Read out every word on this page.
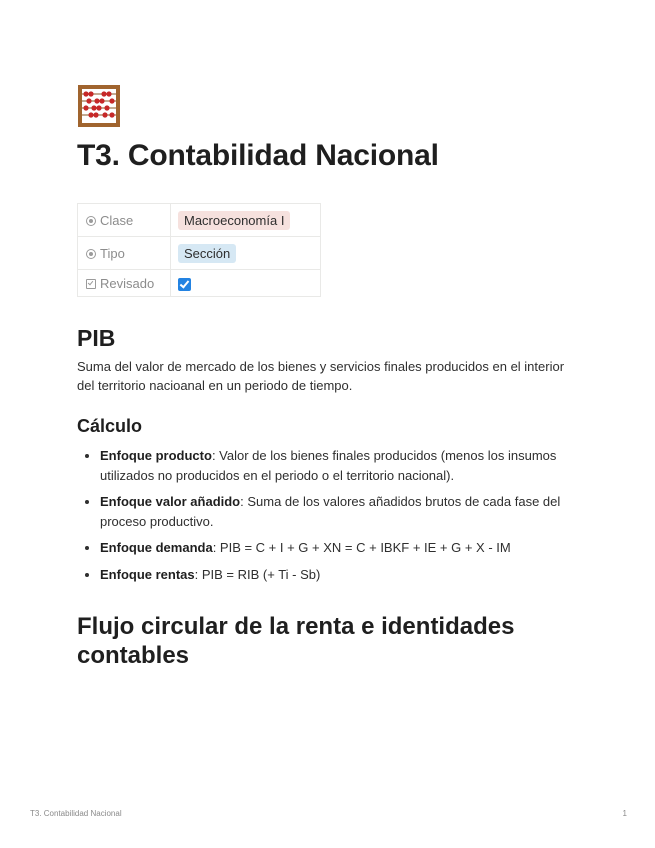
T3. Contabilidad Nacional
Clase	Macroeconomía I
Tipo	Sección
Revisado	
PIB

Suma del valor de mercado de los bienes y servicios finales producidos en el interior del territorio nacioanal en un periodo de tiempo.

Cálculo
• Enfoque producto: Valor de los bienes finales producidos (menos los insumos utilizados no producidos en el periodo o el territorio nacional).
• Enfoque valor añadido: Suma de los valores añadidos brutos de cada fase del proceso productivo.
• Enfoque demanda: PIB = C + I + G + XN = C + IBKF + IE + G + X - IM
• Enfoque rentas: PIB = RIB (+ Ti - Sb)
Flujo circular de la renta e identidades contables
T3. Contabilidad Nacional	1
